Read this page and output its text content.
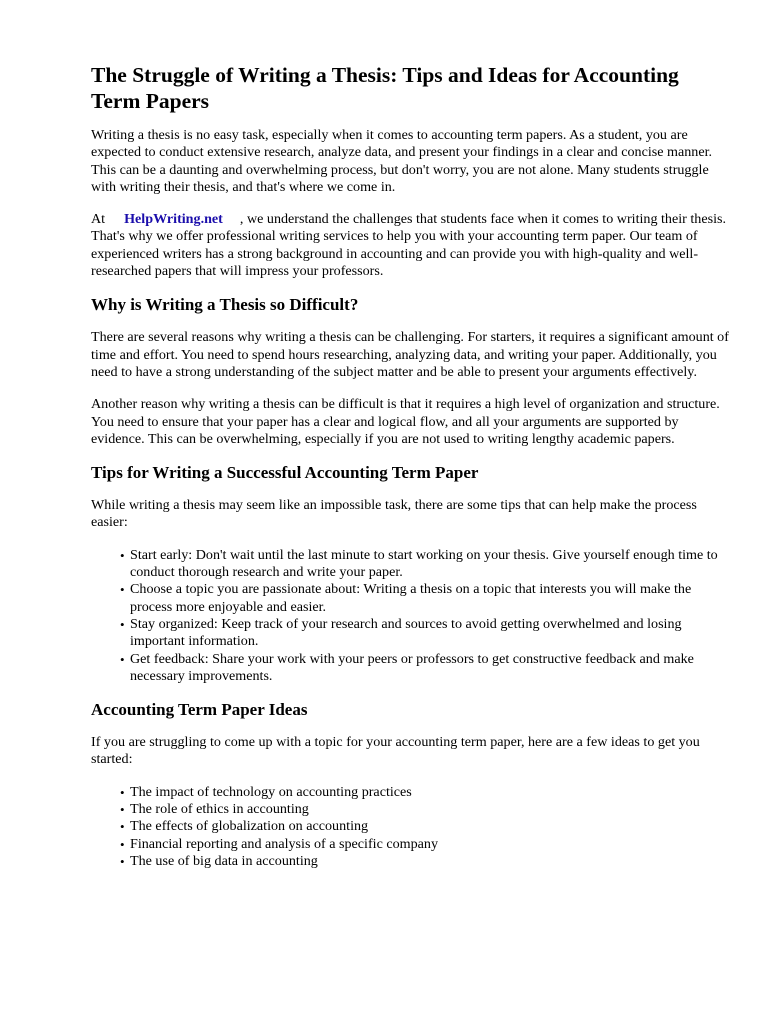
The Struggle of Writing a Thesis: Tips and Ideas for Accounting Term Papers

Writing a thesis is no easy task, especially when it comes to accounting term papers. As a student, you are expected to conduct extensive research, analyze data, and present your findings in a clear and concise manner. This can be a daunting and overwhelming process, but don't worry, you are not alone. Many students struggle with writing their thesis, and that's where we come in.

At HelpWriting.net , we understand the challenges that students face when it comes to writing their thesis. That's why we offer professional writing services to help you with your accounting term paper. Our team of experienced writers has a strong background in accounting and can provide you with high-quality and well-researched papers that will impress your professors.

Why is Writing a Thesis so Difficult?

There are several reasons why writing a thesis can be challenging. For starters, it requires a significant amount of time and effort. You need to spend hours researching, analyzing data, and writing your paper. Additionally, you need to have a strong understanding of the subject matter and be able to present your arguments effectively.

Another reason why writing a thesis can be difficult is that it requires a high level of organization and structure. You need to ensure that your paper has a clear and logical flow, and all your arguments are supported by evidence. This can be overwhelming, especially if you are not used to writing lengthy academic papers.

Tips for Writing a Successful Accounting Term Paper

While writing a thesis may seem like an impossible task, there are some tips that can help make the process easier:

• Start early: Don't wait until the last minute to start working on your thesis. Give yourself enough time to conduct thorough research and write your paper.
• Choose a topic you are passionate about: Writing a thesis on a topic that interests you will make the process more enjoyable and easier.
• Stay organized: Keep track of your research and sources to avoid getting overwhelmed and losing important information.
• Get feedback: Share your work with your peers or professors to get constructive feedback and make necessary improvements.
Accounting Term Paper Ideas

If you are struggling to come up with a topic for your accounting term paper, here are a few ideas to get you started:

• The impact of technology on accounting practices
• The role of ethics in accounting
• The effects of globalization on accounting
• Financial reporting and analysis of a specific company
• The use of big data in accounting
